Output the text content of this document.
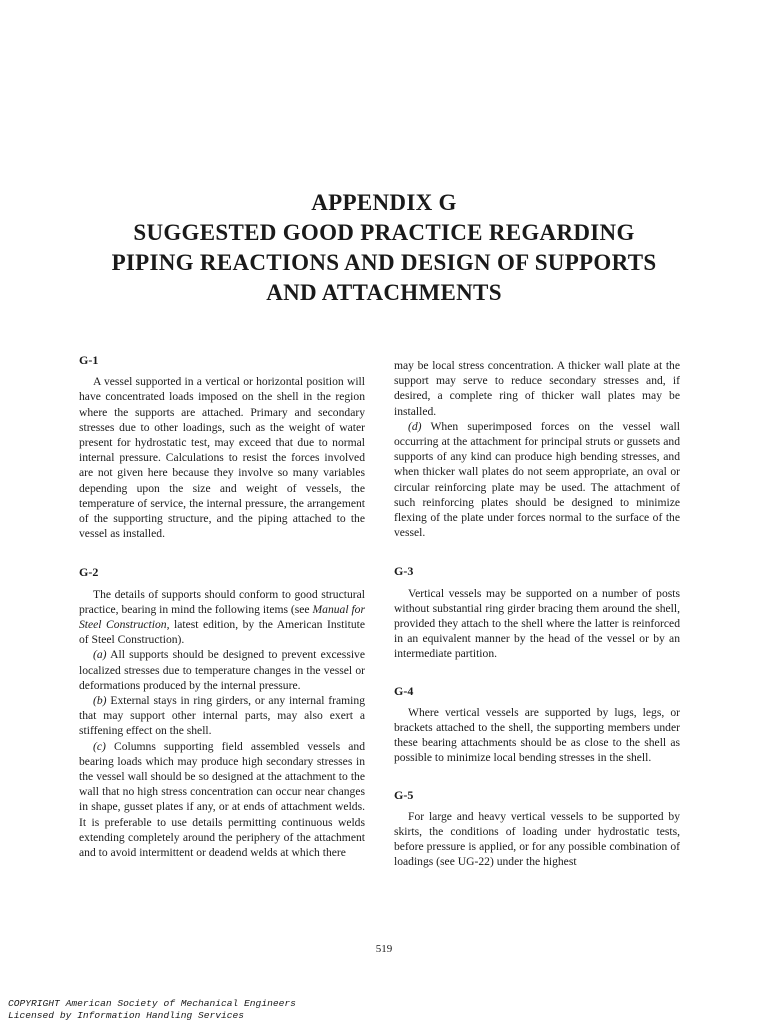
APPENDIX G
SUGGESTED GOOD PRACTICE REGARDING
PIPING REACTIONS AND DESIGN OF SUPPORTS
AND ATTACHMENTS
G-1

A vessel supported in a vertical or horizontal position will have concentrated loads imposed on the shell in the region where the supports are attached. Primary and secondary stresses due to other loadings, such as the weight of water present for hydrostatic test, may exceed that due to normal internal pressure. Calculations to resist the forces involved are not given here because they involve so many variables depending upon the size and weight of vessels, the temperature of service, the internal pressure, the arrangement of the supporting structure, and the piping attached to the vessel as installed.

G-2

The details of supports should conform to good structural practice, bearing in mind the following items (see Manual for Steel Construction, latest edition, by the American Institute of Steel Construction).

(a) All supports should be designed to prevent excessive localized stresses due to temperature changes in the vessel or deformations produced by the internal pressure.

(b) External stays in ring girders, or any internal framing that may support other internal parts, may also exert a stiffening effect on the shell.

(c) Columns supporting field assembled vessels and bearing loads which may produce high secondary stresses in the vessel wall should be so designed at the attachment to the wall that no high stress concentration can occur near changes in shape, gusset plates if any, or at ends of attachment welds. It is preferable to use details permitting continuous welds extending completely around the periphery of the attachment and to avoid intermittent or deadend welds at which there

may be local stress concentration. A thicker wall plate at the support may serve to reduce secondary stresses and, if desired, a complete ring of thicker wall plates may be installed.

(d) When superimposed forces on the vessel wall occurring at the attachment for principal struts or gussets and supports of any kind can produce high bending stresses, and when thicker wall plates do not seem appropriate, an oval or circular reinforcing plate may be used. The attachment of such reinforcing plates should be designed to minimize flexing of the plate under forces normal to the surface of the vessel.

G-3

Vertical vessels may be supported on a number of posts without substantial ring girder bracing them around the shell, provided they attach to the shell where the latter is reinforced in an equivalent manner by the head of the vessel or by an intermediate partition.

G-4

Where vertical vessels are supported by lugs, legs, or brackets attached to the shell, the supporting members under these bearing attachments should be as close to the shell as possible to minimize local bending stresses in the shell.

G-5

For large and heavy vertical vessels to be supported by skirts, the conditions of loading under hydrostatic tests, before pressure is applied, or for any possible combination of loadings (see UG-22) under the highest

519
COPYRIGHT American Society of Mechanical Engineers
Licensed by Information Handling Services
